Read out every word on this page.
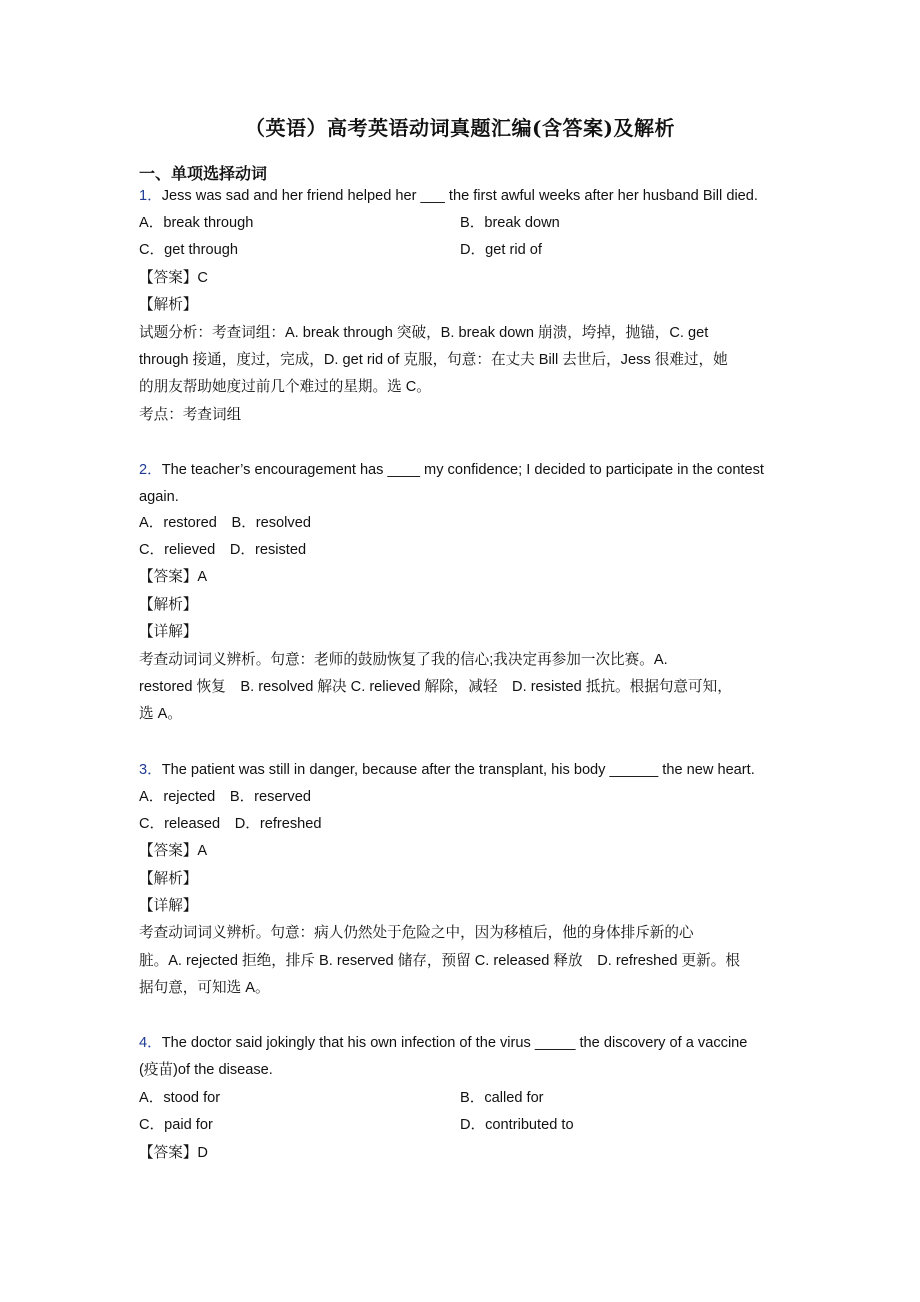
（英语）高考英语动词真题汇编(含答案)及解析
一、单项选择动词
1．Jess was sad and her friend helped her ___ the first awful weeks after her husband Bill died.
A．break through	B．break down
C．get through	D．get rid of
【答案】C
【解析】
试题分析：考查词组：A. break through 突破，B. break down 崩溃，垮掉，抛锚，C. get
through 接通，度过，完成，D. get rid of 克服，句意：在丈夫 Bill 去世后，Jess 很难过，她
的朋友帮助她度过前几个难过的星期。选 C。
考点：考查词组
2．The teacher’s encouragement has ____ my confidence; I decided to participate in the contest
again.
A．restored　B．resolved
C．relieved　D．resisted
【答案】A
【解析】
【详解】
考查动词词义辨析。句意：老师的鼓励恢复了我的信心;我决定再参加一次比赛。A.
restored 恢复　B. resolved 解决 C. relieved 解除，减轻　D. resisted 抵抗。根据句意可知，
选 A。
3．The patient was still in danger, because after the transplant, his body ______ the new heart.
A．rejected　B．reserved
C．released　D．refreshed
【答案】A
【解析】
【详解】
考查动词词义辨析。句意：病人仍然处于危险之中，因为移植后，他的身体排斥新的心
脏。A. rejected 拒绝，排斥 B. reserved 储存，预留 C. released 释放　D. refreshed 更新。根
据句意，可知选 A。
4．The doctor said jokingly that his own infection of the virus _____ the discovery of a vaccine
(疫苗)of the disease.
A．stood for	B．called for
C．paid for	D．contributed to
【答案】D
